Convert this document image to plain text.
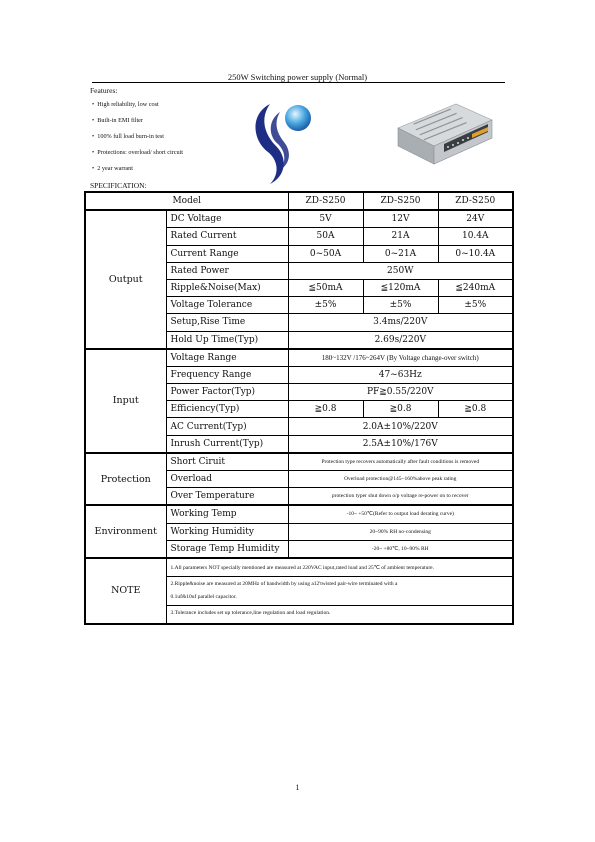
250W Switching power supply (Normal)
Features:
• High reliability, low cost
• Built-in EMI filter
• 100% full load burn-in test
• Protections: overload/ short circuit
• 2 year warrant
SPECIFICATION:
Model		ZD-S250	ZD-S250	ZD-S250
Output	DC Voltage	5V	12V	24V
	Rated Current	50A	21A	10.4A
	Current Range	0~50A	0~21A	0~10.4A
	Rated Power	250W		
	Ripple&Noise(Max)	≦50mA	≦120mA	≦240mA
	Voltage Tolerance	±5%	±5%	±5%
	Setup,Rise Time	3.4ms/220V		
	Hold Up Time(Typ)	2.69s/220V		
Input	Voltage Range	180~132V /176~264V (By Voltage change-over switch)		
	Frequency Range	47~63Hz		
	Power Factor(Typ)	PF≧0.55/220V		
	Efficiency(Typ)	≧0.8	≧0.8	≧0.8
	AC Current(Typ)	2.0A±10%/220V		
	Inrush Current(Typ)	2.5A±10%/176V		
Protection	Short Ciruit	Protection type recovers automatically after fault conditions is removed		
	Overload	Overload protection@145~160%above peak rating		
	Over Temperature	protection typer shut down o/p voltage re-power on to recover		
Environment	Working Temp	-10~ +50℃(Refer to output load derating curve)		
	Working Humidity	20~90% RH no-condensing		
	Storage Temp Humidity	-20~ +80℃, 10~90% RH		
NOTE	1.All parameters NOT specially mentioned are measured at 220VAC input,rated load and 25℃ of ambient temperature.
2.Ripple&noise are measured at 20MHz of bandwidth by using a12'twisted pair-wire terminated with a
0.1uf&10uf parallel capacitor.
3.Tolerance includes set up tolerance,line regulation and load regulation.			
1
